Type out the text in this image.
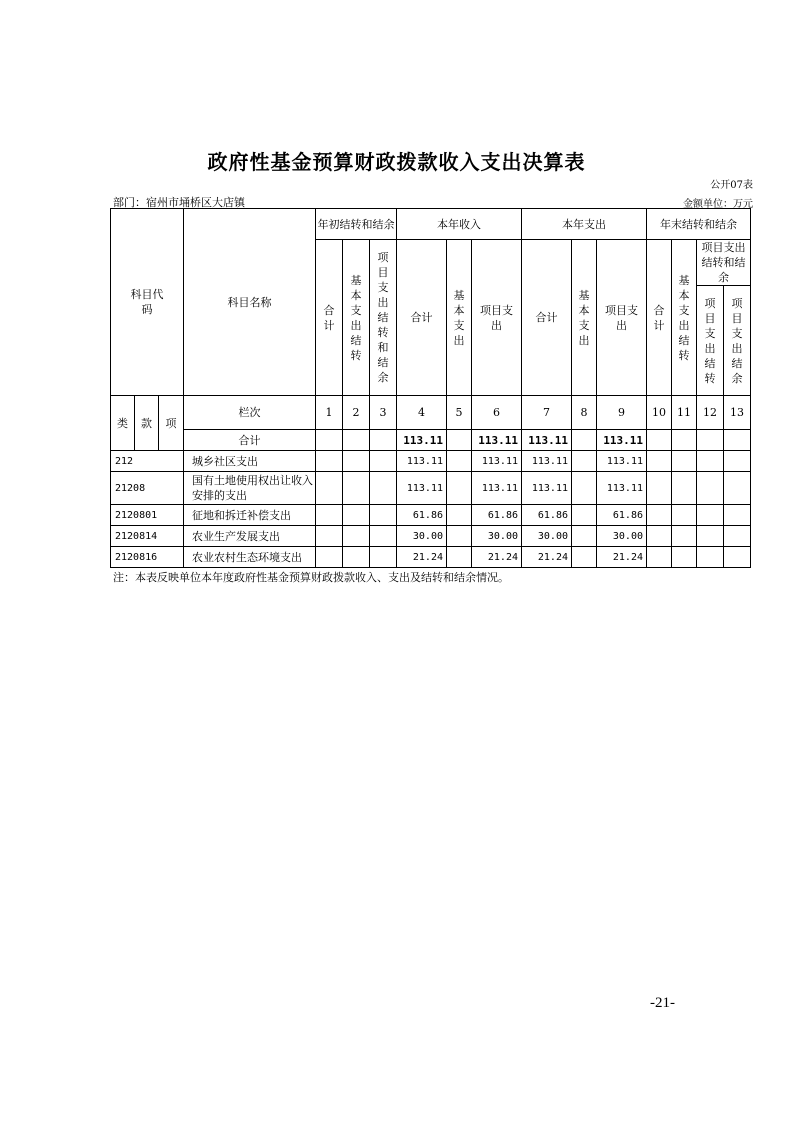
政府性基金预算财政拨款收入支出决算表
公开07表
部门：宿州市埇桥区大店镇	金额单位：万元
科目代码			科目名称	年初结转和结余			本年收入			本年支出			年末结转和结余			
				合计	基本支出结转	项目支出结转和结余	合计	基本支出	项目支出	合计	基本支出	项目支出	合计	基本支出结转	项目支出结转和结余	
															项目支出结转	项目支出结余
类	款	项	栏次	1	2	3	4	5	6	7	8	9	10	11	12	13
			合计				113.11		113.11	113.11		113.11				
212			城乡社区支出				113.11		113.11	113.11		113.11				
21208			国有土地使用权出让收入安排的支出				113.11		113.11	113.11		113.11				
2120801			征地和拆迁补偿支出				61.86		61.86	61.86		61.86				
2120814			农业生产发展支出				30.00		30.00	30.00		30.00				
2120816			农业农村生态环境支出				21.24		21.24	21.24		21.24				
注：本表反映单位本年度政府性基金预算财政拨款收入、支出及结转和结余情况。
-21-
